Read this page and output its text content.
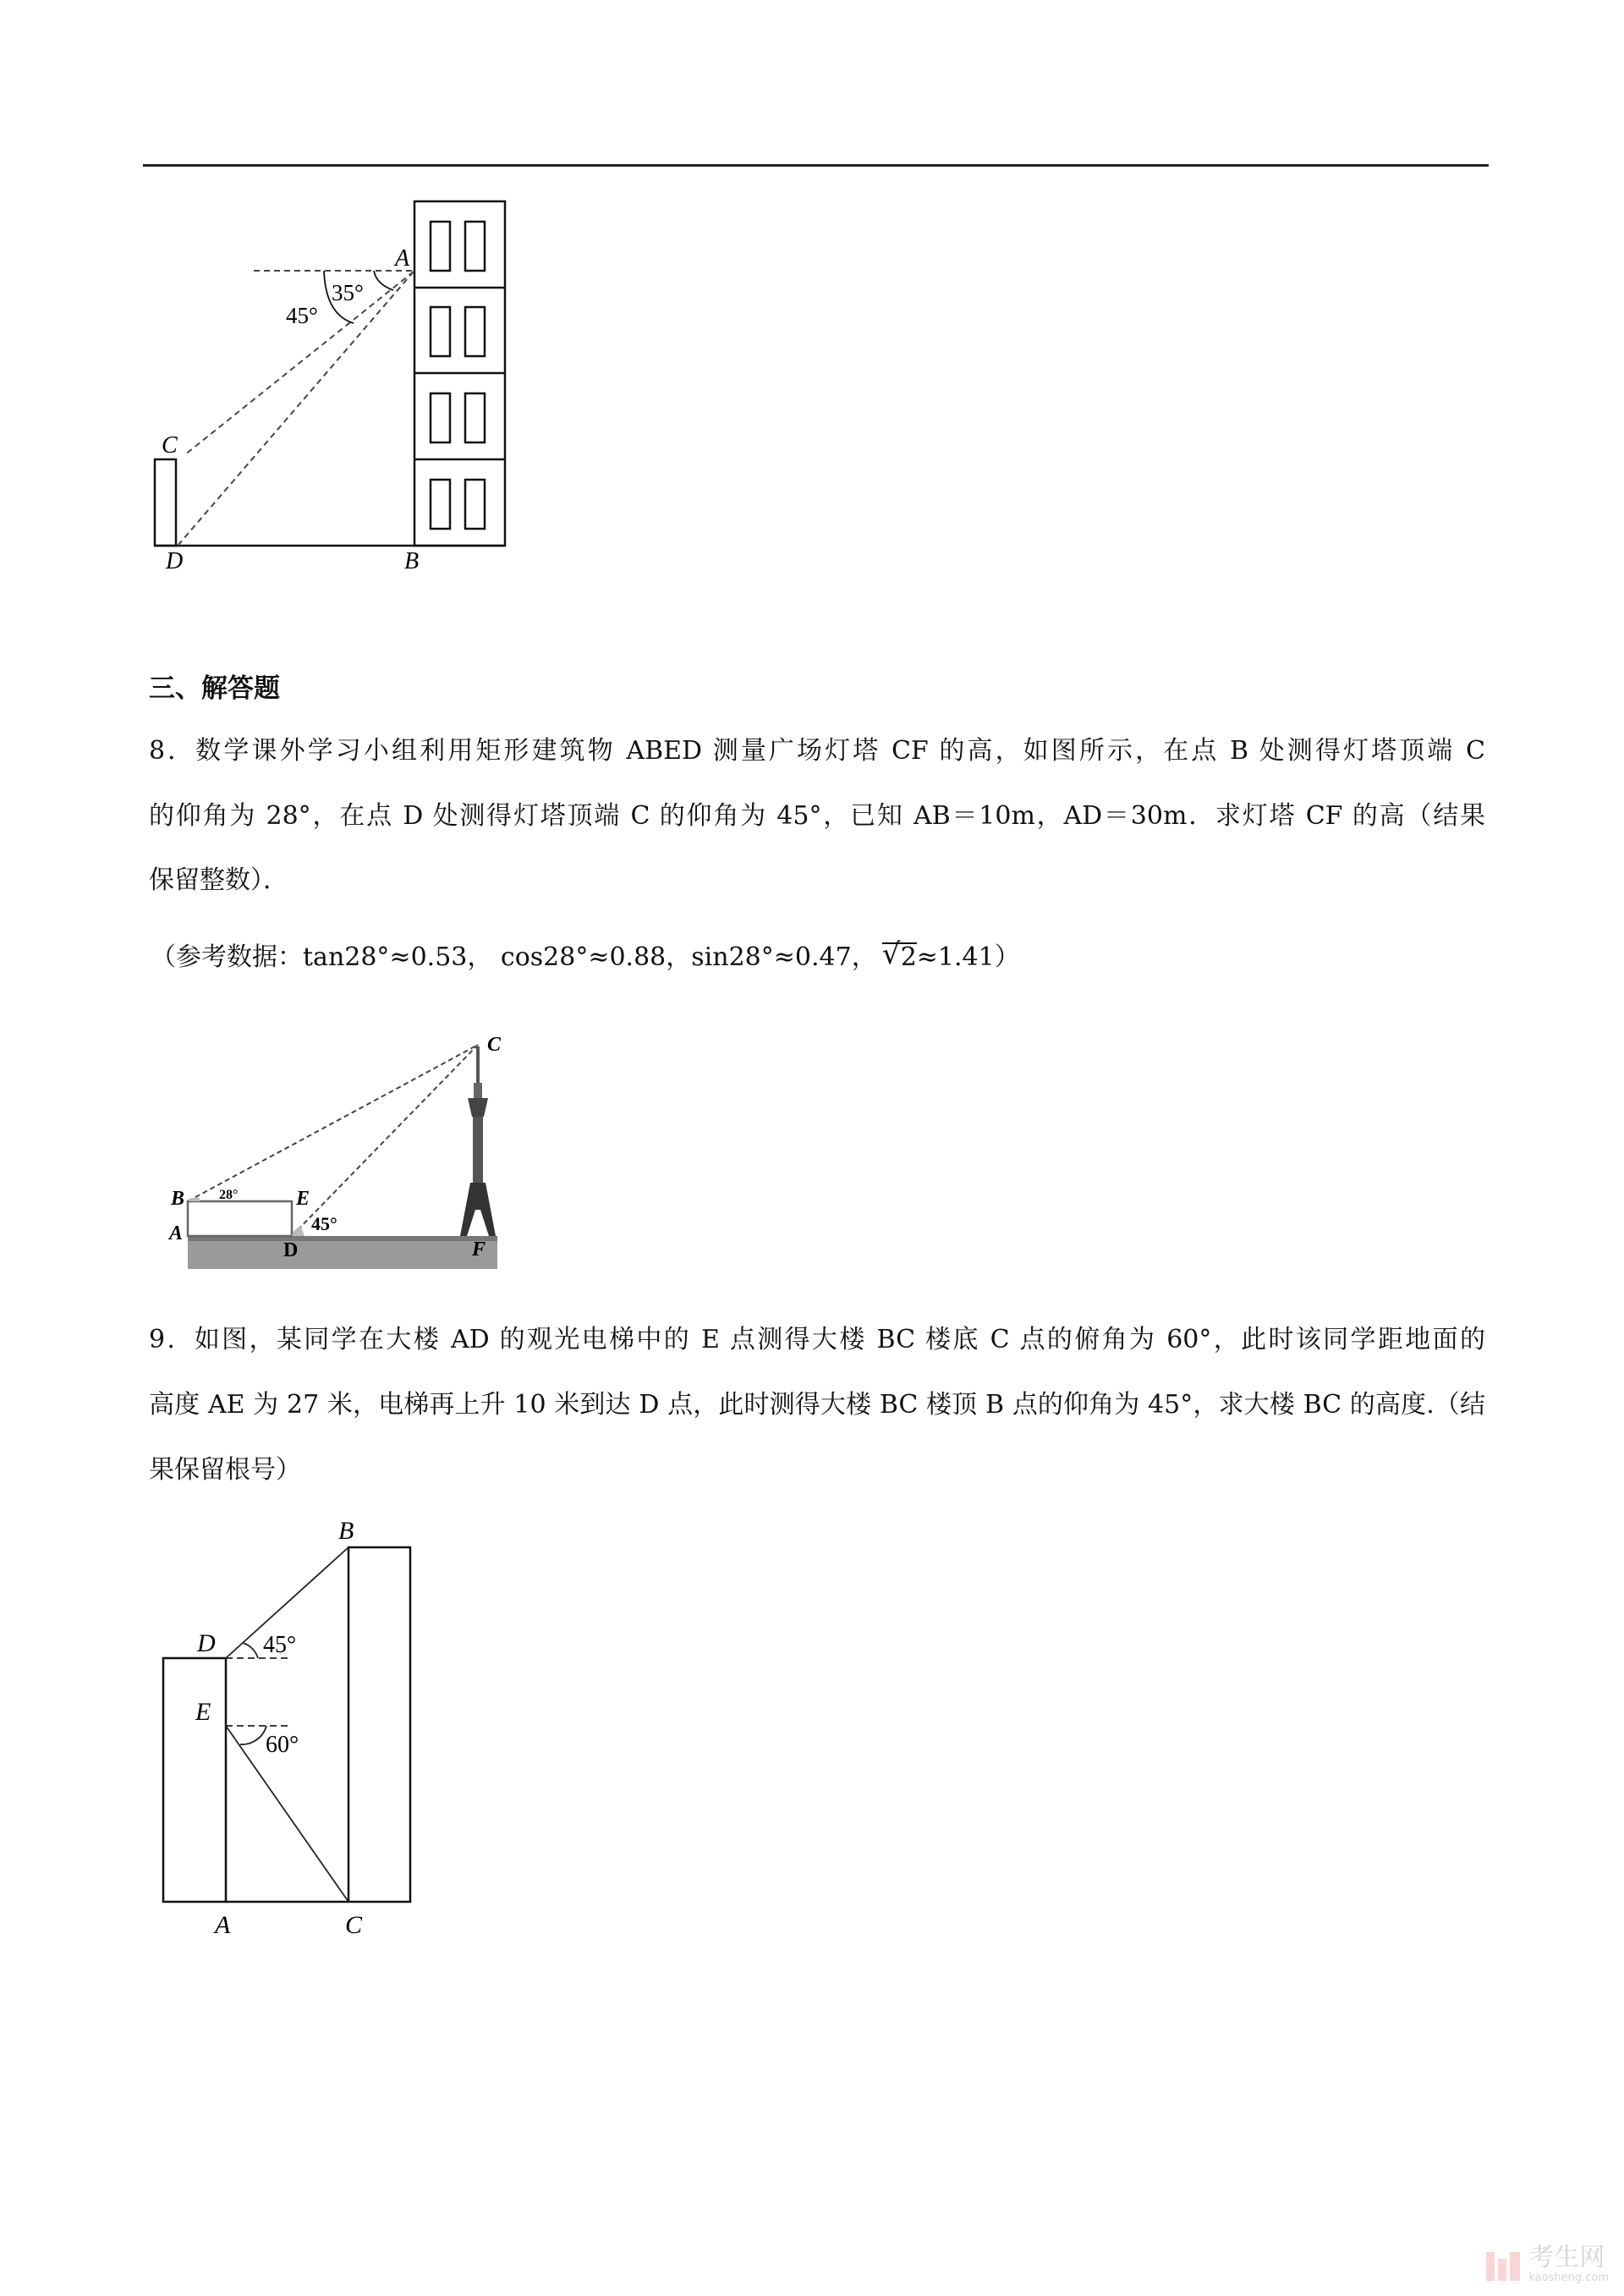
A
B
C
D
35°
45°
三、解答题
8．数学课外学习小组利用矩形建筑物 ABED 测量广场灯塔 CF 的高，如图所示，在点 B 处测得灯塔顶端 C
的仰角为 28°，在点 D 处测得灯塔顶端 C 的仰角为 45°，已知 AB＝10m，AD＝30m．求灯塔 CF 的高（结果
保留整数）．
（参考数据：tan28°≈0.53， cos28°≈0.88，sin28°≈0.47， √ 2≈1.41）
B	E
A
D	F
C
28°
45°
9．如图，某同学在大楼 AD 的观光电梯中的 E 点测得大楼 BC 楼底 C 点的俯角为 60°，此时该同学距地面的
高度 AE 为 27 米，电梯再上升 10 米到达 D 点，此时测得大楼 BC 楼顶 B 点的仰角为 45°，求大楼 BC 的高度.（结
果保留根号）
D
E
B
A	C
45°
60°
考生网
kaosheng.com
